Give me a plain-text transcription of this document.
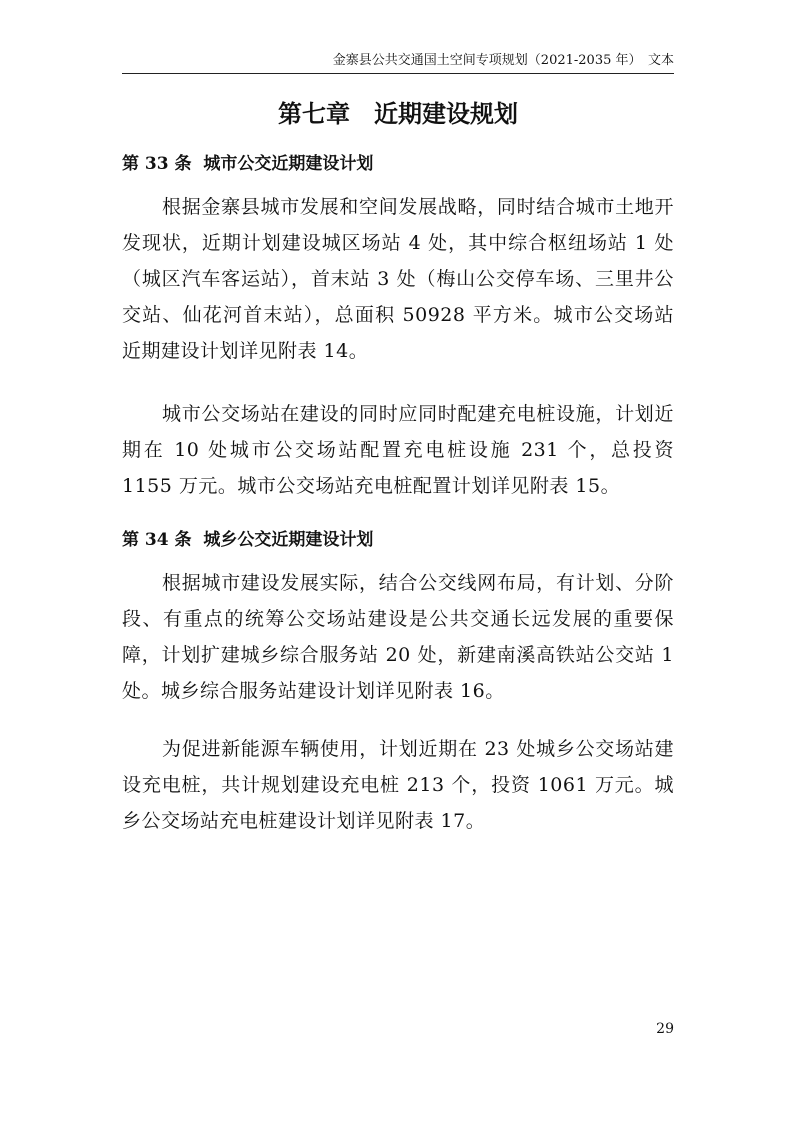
金寨县公共交通国土空间专项规划（2021-2035 年）　文本
第七章　近期建设规划
第 33 条  城市公交近期建设计划

根据金寨县城市发展和空间发展战略，同时结合城市土地开发现状，近期计划建设城区场站 4 处，其中综合枢纽场站 1 处（城区汽车客运站），首末站 3 处（梅山公交停车场、三里井公交站、仙花河首末站），总面积 50928 平方米。城市公交场站近期建设计划详见附表 14。

城市公交场站在建设的同时应同时配建充电桩设施，计划近期在 10 处城市公交场站配置充电桩设施 231 个，总投资 1155 万元。城市公交场站充电桩配置计划详见附表 15。

第 34 条  城乡公交近期建设计划

根据城市建设发展实际，结合公交线网布局，有计划、分阶段、有重点的统筹公交场站建设是公共交通长远发展的重要保障，计划扩建城乡综合服务站 20 处，新建南溪高铁站公交站 1 处。城乡综合服务站建设计划详见附表 16。

为促进新能源车辆使用，计划近期在 23 处城乡公交场站建设充电桩，共计规划建设充电桩 213 个，投资 1061 万元。城乡公交场站充电桩建设计划详见附表 17。

29
